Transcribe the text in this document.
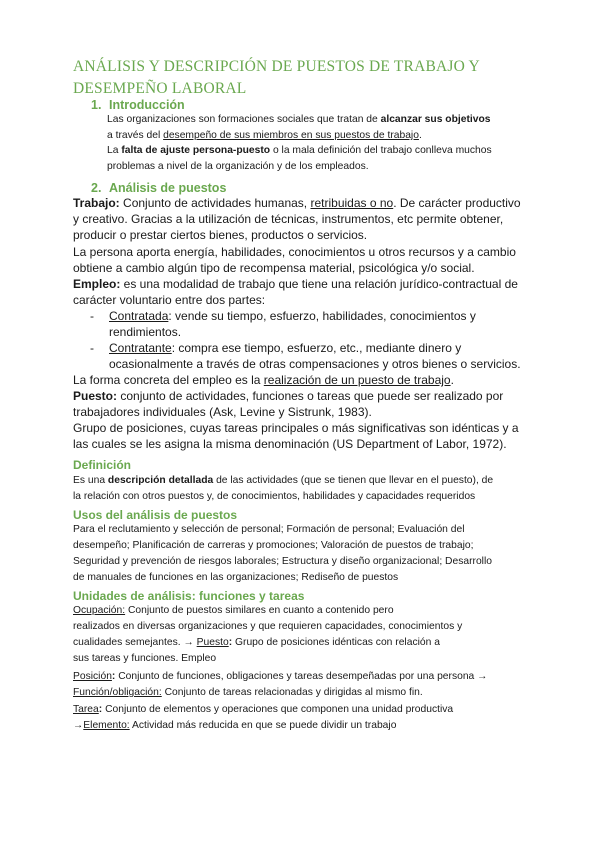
ANÁLISIS Y DESCRIPCIÓN DE PUESTOS DE TRABAJO Y
DESEMPEÑO LABORAL
1. Introducción

Las organizaciones son formaciones sociales que tratan de alcanzar sus objetivos
a través del desempeño de sus miembros en sus puestos de trabajo.

La falta de ajuste persona-puesto o la mala definición del trabajo conlleva muchos
problemas a nivel de la organización y de los empleados.

2. Análisis de puestos

Trabajo: Conjunto de actividades humanas, retribuidas o no. De carácter productivo
y creativo. Gracias a la utilización de técnicas, instrumentos, etc permite obtener,
producir o prestar ciertos bienes, productos o servicios.

La persona aporta energía, habilidades, conocimientos u otros recursos y a cambio
obtiene a cambio algún tipo de recompensa material, psicológica y/o social.

Empleo: es una modalidad de trabajo que tiene una relación jurídico-contractual de
carácter voluntario entre dos partes:

- Contratada: vende su tiempo, esfuerzo, habilidades, conocimientos y
rendimientos.

- Contratante: compra ese tiempo, esfuerzo, etc., mediante dinero y
ocasionalmente a través de otras compensaciones y otros bienes o servicios.

La forma concreta del empleo es la realización de un puesto de trabajo.

Puesto: conjunto de actividades, funciones o tareas que puede ser realizado por
trabajadores individuales (Ask, Levine y Sistrunk, 1983).
Grupo de posiciones, cuyas tareas principales o más significativas son idénticas y a
las cuales se les asigna la misma denominación (US Department of Labor, 1972).

Definición

Es una descripción detallada de las actividades (que se tienen que llevar en el puesto), de
la relación con otros puestos y, de conocimientos, habilidades y capacidades requeridos

Usos del análisis de puestos

Para el reclutamiento y selección de personal; Formación de personal; Evaluación del
desempeño; Planificación de carreras y promociones; Valoración de puestos de trabajo;
Seguridad y prevención de riesgos laborales; Estructura y diseño organizacional; Desarrollo
de manuales de funciones en las organizaciones; Rediseño de puestos

Unidades de análisis: funciones y tareas

Ocupación: Conjunto de puestos similares en cuanto a contenido pero
realizados en diversas organizaciones y que requieren capacidades, conocimientos y
cualidades semejantes. → Puesto: Grupo de posiciones idénticas con relación a
sus tareas y funciones. Empleo

Posición: Conjunto de funciones, obligaciones y tareas desempeñadas por una persona →
Función/obligación: Conjunto de tareas relacionadas y dirigidas al mismo fin.

Tarea: Conjunto de elementos y operaciones que componen una unidad productiva
→Elemento: Actividad más reducida en que se puede dividir un trabajo
